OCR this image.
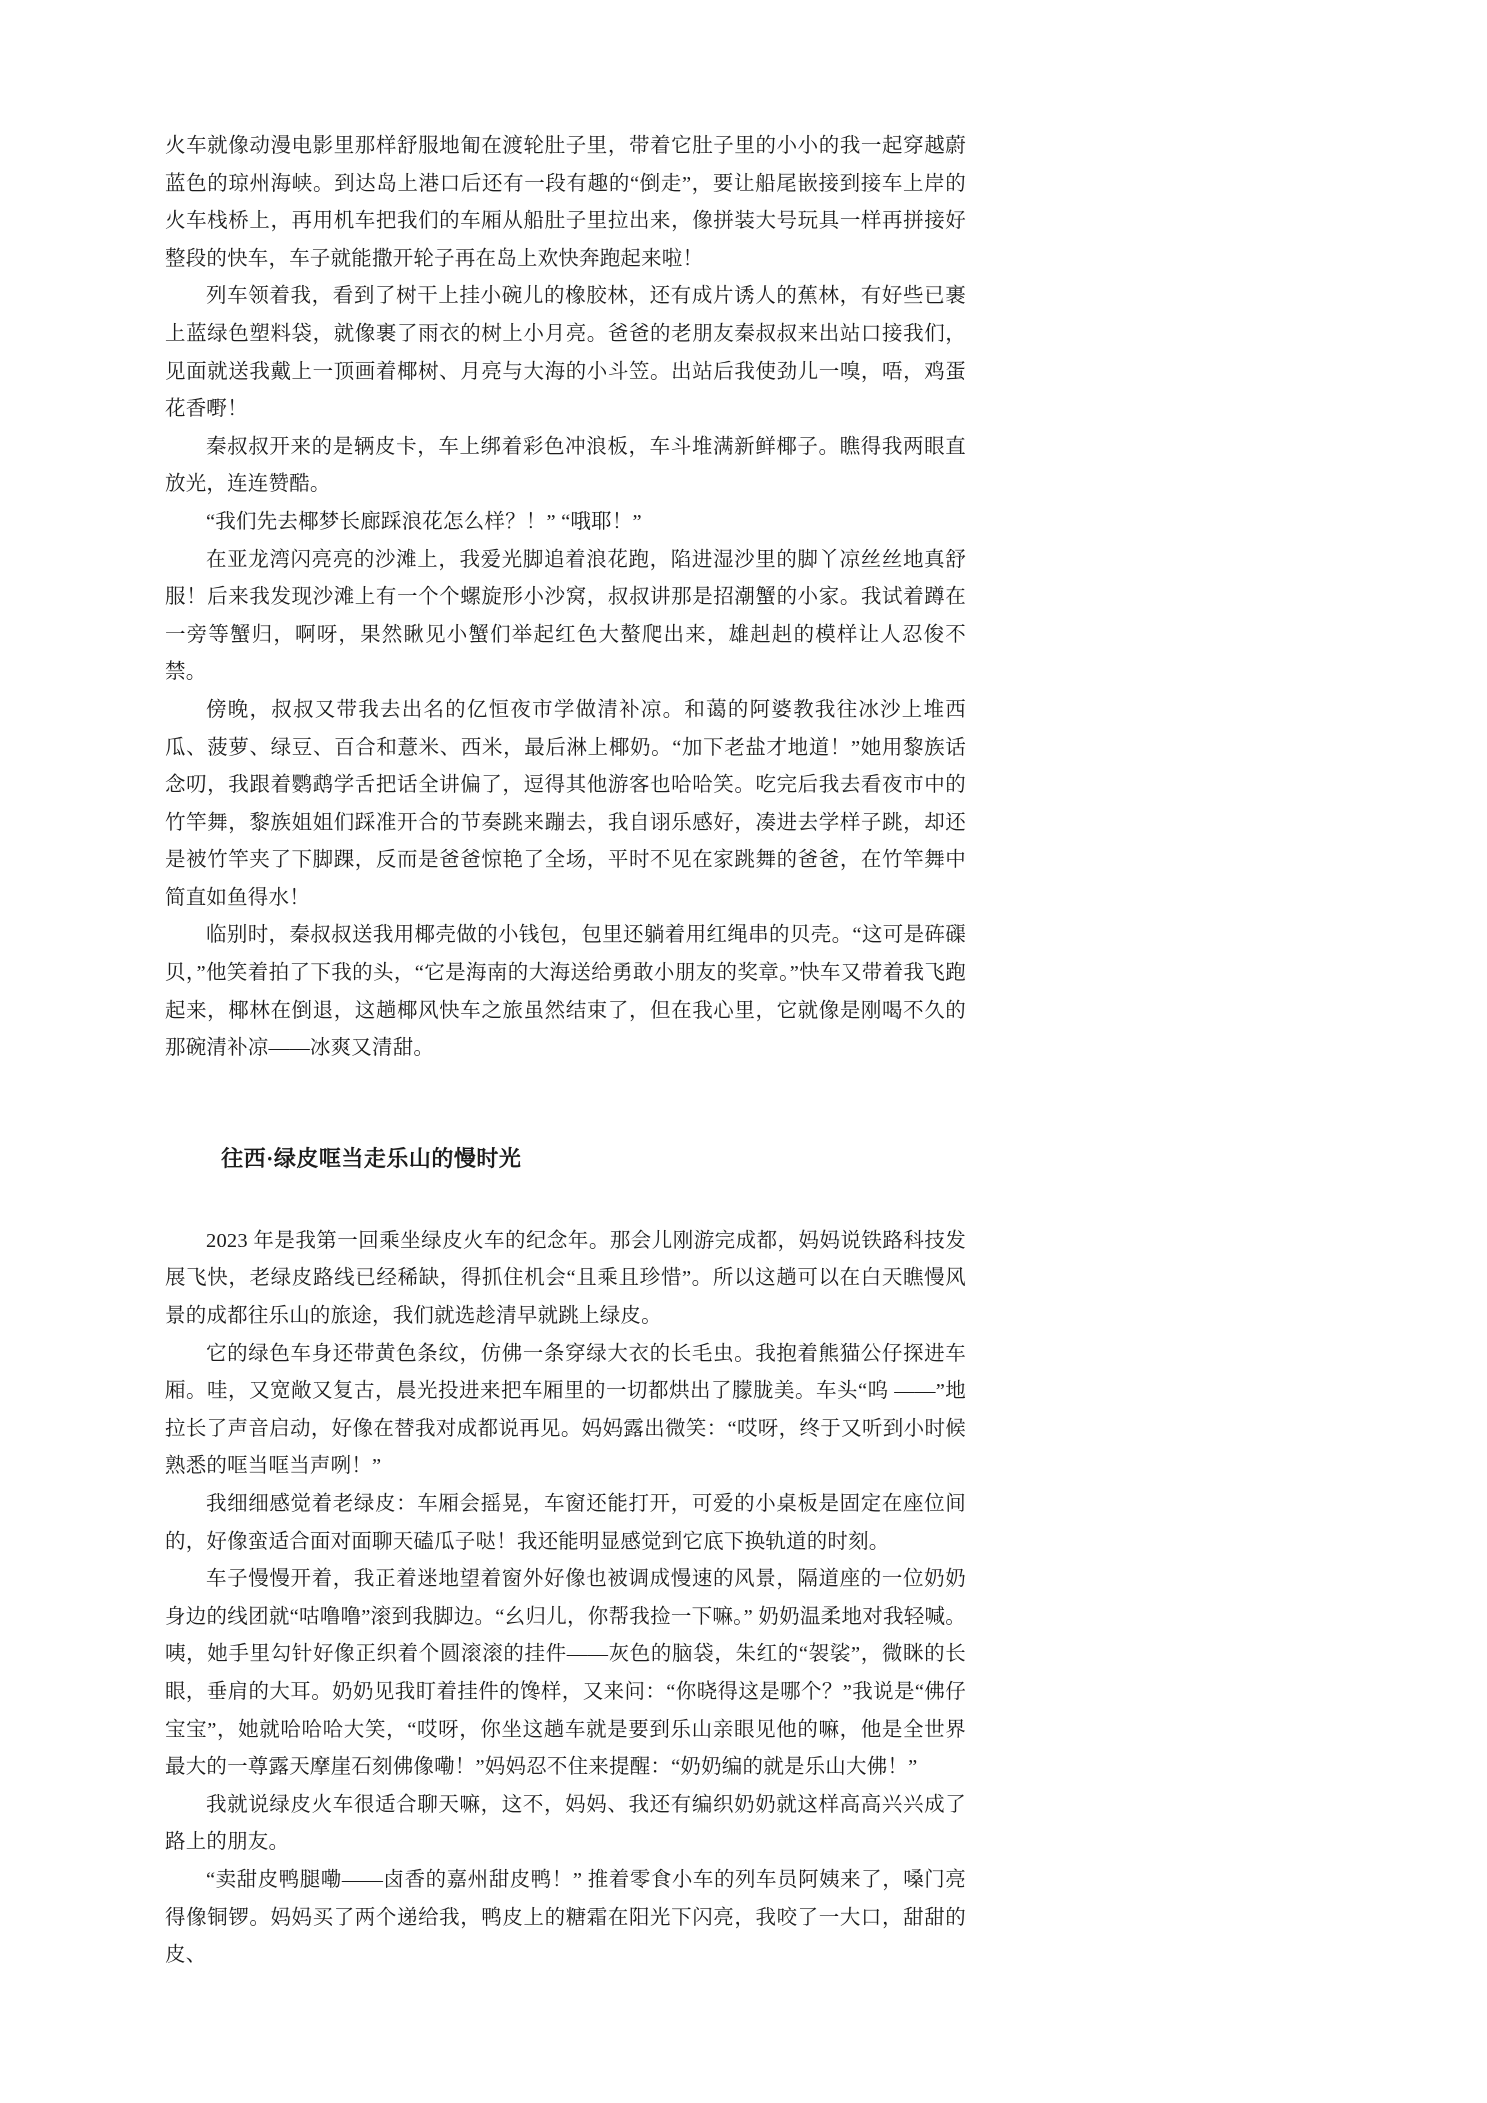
火车就像动漫电影里那样舒服地匍在渡轮肚子里，带着它肚子里的小小的我一起穿越蔚蓝色的琼州海峡。到达岛上港口后还有一段有趣的“倒走”，要让船尾嵌接到接车上岸的火车栈桥上，再用机车把我们的车厢从船肚子里拉出来，像拼装大号玩具一样再拼接好整段的快车，车子就能撒开轮子再在岛上欢快奔跑起来啦！

列车领着我，看到了树干上挂小碗儿的橡胶林，还有成片诱人的蕉林，有好些已裹上蓝绿色塑料袋，就像裹了雨衣的树上小月亮。爸爸的老朋友秦叔叔来出站口接我们，见面就送我戴上一顶画着椰树、月亮与大海的小斗笠。出站后我使劲儿一嗅，唔，鸡蛋花香嘢！

秦叔叔开来的是辆皮卡，车上绑着彩色冲浪板，车斗堆满新鲜椰子。瞧得我两眼直放光，连连赞酷。

“我们先去椰梦长廊踩浪花怎么样？！” “哦耶！”

在亚龙湾闪亮亮的沙滩上，我爱光脚追着浪花跑，陷进湿沙里的脚丫凉丝丝地真舒服！后来我发现沙滩上有一个个螺旋形小沙窝，叔叔讲那是招潮蟹的小家。我试着蹲在一旁等蟹归，啊呀，果然瞅见小蟹们举起红色大螯爬出来，雄赳赳的模样让人忍俊不禁。

傍晚，叔叔又带我去出名的亿恒夜市学做清补凉。和蔼的阿婆教我往冰沙上堆西瓜、菠萝、绿豆、百合和薏米、西米，最后淋上椰奶。“加下老盐才地道！”她用黎族话念叨，我跟着鹦鹉学舌把话全讲偏了，逗得其他游客也哈哈笑。吃完后我去看夜市中的竹竿舞，黎族姐姐们踩准开合的节奏跳来蹦去，我自诩乐感好，凑进去学样子跳，却还是被竹竿夹了下脚踝，反而是爸爸惊艳了全场，平时不见在家跳舞的爸爸，在竹竿舞中简直如鱼得水！

临别时，秦叔叔送我用椰壳做的小钱包，包里还躺着用红绳串的贝壳。“这可是砗磲贝，”他笑着拍了下我的头，“它是海南的大海送给勇敢小朋友的奖章。”快车又带着我飞跑起来，椰林在倒退，这趟椰风快车之旅虽然结束了，但在我心里，它就像是刚喝不久的那碗清补凉——冰爽又清甜。

往西·绿皮哐当走乐山的慢时光

2023 年是我第一回乘坐绿皮火车的纪念年。那会儿刚游完成都，妈妈说铁路科技发展飞快，老绿皮路线已经稀缺，得抓住机会“且乘且珍惜”。所以这趟可以在白天瞧慢风景的成都往乐山的旅途，我们就选趁清早就跳上绿皮。

它的绿色车身还带黄色条纹，仿佛一条穿绿大衣的长毛虫。我抱着熊猫公仔探进车厢。哇，又宽敞又复古，晨光投进来把车厢里的一切都烘出了朦胧美。车头“呜 ——”地拉长了声音启动，好像在替我对成都说再见。妈妈露出微笑：“哎呀，终于又听到小时候熟悉的哐当哐当声咧！”

我细细感觉着老绿皮：车厢会摇晃，车窗还能打开，可爱的小桌板是固定在座位间的，好像蛮适合面对面聊天磕瓜子哒！我还能明显感觉到它底下换轨道的时刻。

车子慢慢开着，我正着迷地望着窗外好像也被调成慢速的风景，隔道座的一位奶奶身边的线团就“咕噜噜”滚到我脚边。“幺归儿，你帮我捡一下嘛。” 奶奶温柔地对我轻喊。咦，她手里勾针好像正织着个圆滚滚的挂件——灰色的脑袋，朱红的“袈裟”，微眯的长眼，垂肩的大耳。奶奶见我盯着挂件的馋样，又来问：“你晓得这是哪个？”我说是“佛仔宝宝”，她就哈哈哈大笑，“哎呀，你坐这趟车就是要到乐山亲眼见他的嘛，他是全世界最大的一尊露天摩崖石刻佛像嘞！”妈妈忍不住来提醒：“奶奶编的就是乐山大佛！”

我就说绿皮火车很适合聊天嘛，这不，妈妈、我还有编织奶奶就这样高高兴兴成了路上的朋友。

“卖甜皮鸭腿嘞——卤香的嘉州甜皮鸭！” 推着零食小车的列车员阿姨来了，嗓门亮得像铜锣。妈妈买了两个递给我，鸭皮上的糖霜在阳光下闪亮，我咬了一大口，甜甜的皮、
